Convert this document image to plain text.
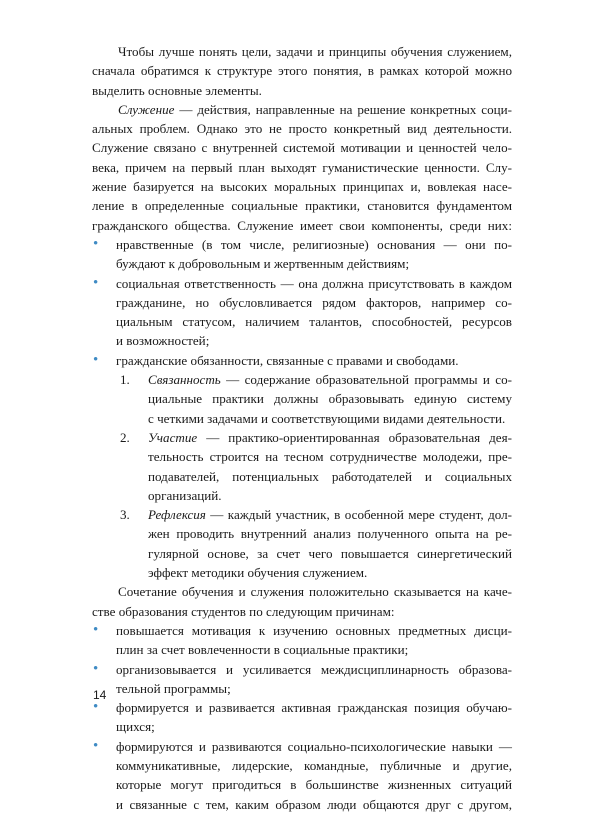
Чтобы лучше понять цели, задачи и принципы обучения служением,
сначала обратимся к структуре этого понятия, в рамках которой можно
выделить основные элементы.

Служение — действия, направленные на решение конкретных соци-
альных проблем. Однако это не просто конкретный вид деятельности.
Служение связано с внутренней системой мотивации и ценностей чело-
века, причем на первый план выходят гуманистические ценности. Слу-
жение базируется на высоких моральных принципах и, вовлекая насе-
ление в определенные социальные практики, становится фундаментом
гражданского общества. Служение имеет свои компоненты, среди них:

• нравственные (в том числе, религиозные) основания — они по-
буждают к добровольным и жертвенным действиям;
• социальная ответственность — она должна присутствовать в каждом
гражданине, но обусловливается рядом факторов, например со-
циальным статусом, наличием талантов, способностей, ресурсов
и возможностей;
• гражданские обязанности, связанные с правами и свободами.
1. Связанность — содержание образовательной программы и со-
циальные практики должны образовывать единую систему
с четкими задачами и соответствующими видами деятельности.
2. Участие — практико-ориентированная образовательная дея-
тельность строится на тесном сотрудничестве молодежи, пре-
подавателей, потенциальных работодателей и социальных
организаций.
3. Рефлексия — каждый участник, в особенной мере студент, дол-
жен проводить внутренний анализ полученного опыта на ре-
гулярной основе, за счет чего повышается синергетический
эффект методики обучения служением.

Сочетание обучения и служения положительно сказывается на каче-
стве образования студентов по следующим причинам:

• повышается мотивация к изучению основных предметных дисци-
плин за счет вовлеченности в социальные практики;
• организовывается и усиливается междисциплинарность образова-
тельной программы;
• формируется и развивается активная гражданская позиция обучаю-
щихся;
• формируются и развиваются социально-психологические навыки —
коммуникативные, лидерские, командные, публичные и другие,
которые могут пригодиться в большинстве жизненных ситуаций
и связанные с тем, каким образом люди общаются друг с другом,
14
